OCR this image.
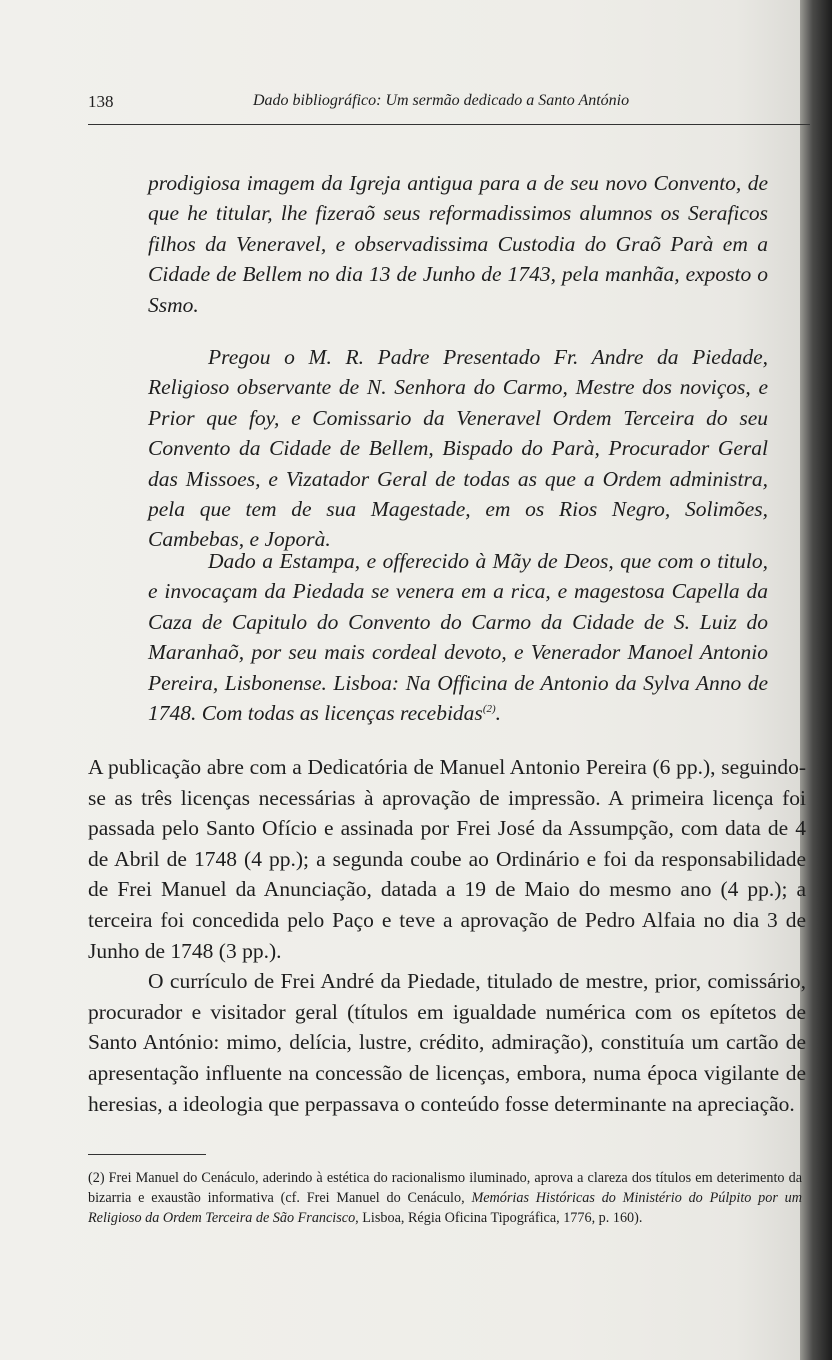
138	Dado bibliográfico: Um sermão dedicado a Santo António

prodigiosa imagem da Igreja antigua para a de seu novo Convento, de que he titular, lhe fizeraõ seus reformadissimos alumnos os Seraficos filhos da Veneravel, e observadissima Custodia do Graõ Parà em a Cidade de Bellem no dia 13 de Junho de 1743, pela manhãa, exposto o Ssmo.

Pregou o M. R. Padre Presentado Fr. Andre da Piedade, Religioso observante de N. Senhora do Carmo, Mestre dos noviços, e Prior que foy, e Comissario da Veneravel Ordem Terceira do seu Convento da Cidade de Bellem, Bispado do Parà, Procurador Geral das Missoes, e Vizatador Geral de todas as que a Ordem administra, pela que tem de sua Magestade, em os Rios Negro, Solimões, Cambebas, e Joporà.

Dado a Estampa, e offerecido à Mãy de Deos, que com o titulo, e invocaçam da Piedada se venera em a rica, e magestosa Capella da Caza de Capitulo do Convento do Carmo da Cidade de S. Luiz do Maranhaõ, por seu mais cordeal devoto, e Venerador Manoel Antonio Pereira, Lisbonense. Lisboa: Na Officina de Antonio da Sylva Anno de 1748. Com todas as licenças recebidas$^{(2)}$.

A publicação abre com a Dedicatória de Manuel Antonio Pereira (6 pp.), seguindo-se as três licenças necessárias à aprovação de impressão. A primeira licença foi passada pelo Santo Ofício e assinada por Frei José da Assumpção, com data de 4 de Abril de 1748 (4 pp.); a segunda coube ao Ordinário e foi da responsabilidade de Frei Manuel da Anunciação, datada a 19 de Maio do mesmo ano (4 pp.); a terceira foi concedida pelo Paço e teve a aprovação de Pedro Alfaia no dia 3 de Junho de 1748 (3 pp.).

O currículo de Frei André da Piedade, titulado de mestre, prior, comissário, procurador e visitador geral (títulos em igualdade numérica com os epítetos de Santo António: mimo, delícia, lustre, crédito, admiração), constituía um cartão de apresentação influente na concessão de licenças, embora, numa época vigilante de heresias, a ideologia que perpassava o conteúdo fosse determinante na apreciação.

(2) Frei Manuel do Cenáculo, aderindo à estética do racionalismo iluminado, aprova a clareza dos títulos em deterimento da bizarria e exaustão informativa (cf. Frei Manuel do Cenáculo, Memórias Históricas do Ministério do Púlpito por um Religioso da Ordem Terceira de São Francisco, Lisboa, Régia Oficina Tipográfica, 1776, p. 160).
